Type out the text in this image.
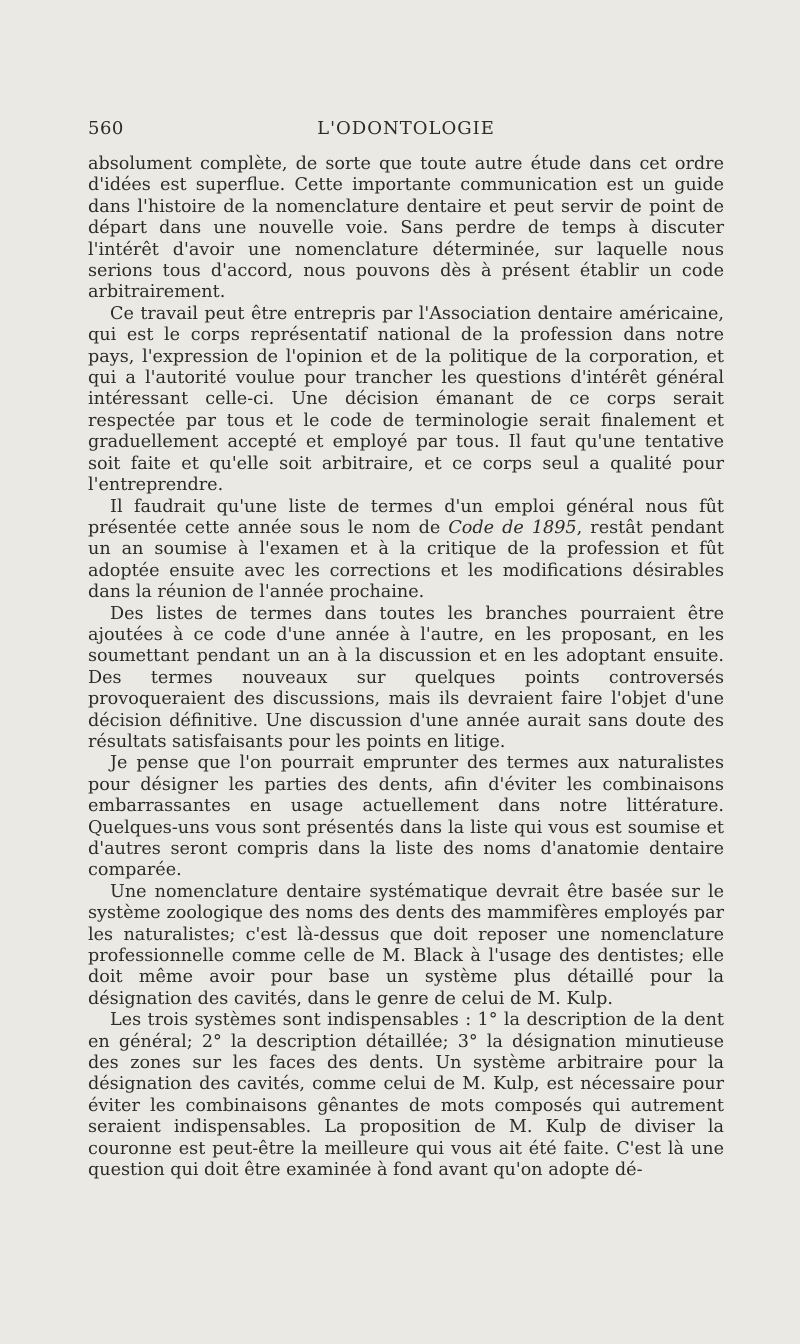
560	L'ODONTOLOGIE

absolument complète, de sorte que toute autre étude dans cet ordre d'idées est superflue. Cette importante communication est un guide dans l'histoire de la nomenclature dentaire et peut servir de point de départ dans une nouvelle voie. Sans perdre de temps à discuter l'intérêt d'avoir une nomenclature déterminée, sur laquelle nous serions tous d'accord, nous pouvons dès à présent établir un code arbitrairement.

Ce travail peut être entrepris par l'Association dentaire américaine, qui est le corps représentatif national de la profession dans notre pays, l'expression de l'opinion et de la politique de la corporation, et qui a l'autorité voulue pour trancher les questions d'intérêt général intéressant celle-ci. Une décision émanant de ce corps serait respectée par tous et le code de terminologie serait finalement et graduellement accepté et employé par tous. Il faut qu'une tentative soit faite et qu'elle soit arbitraire, et ce corps seul a qualité pour l'entreprendre.

Il faudrait qu'une liste de termes d'un emploi général nous fût présentée cette année sous le nom de Code de 1895, restât pendant un an soumise à l'examen et à la critique de la profession et fût adoptée ensuite avec les corrections et les modifications désirables dans la réunion de l'année prochaine.

Des listes de termes dans toutes les branches pourraient être ajoutées à ce code d'une année à l'autre, en les proposant, en les soumettant pendant un an à la discussion et en les adoptant ensuite. Des termes nouveaux sur quelques points controversés provoqueraient des discussions, mais ils devraient faire l'objet d'une décision définitive. Une discussion d'une année aurait sans doute des résultats satisfaisants pour les points en litige.

Je pense que l'on pourrait emprunter des termes aux naturalistes pour désigner les parties des dents, afin d'éviter les combinaisons embarrassantes en usage actuellement dans notre littérature. Quelques-uns vous sont présentés dans la liste qui vous est soumise et d'autres seront compris dans la liste des noms d'anatomie dentaire comparée.

Une nomenclature dentaire systématique devrait être basée sur le système zoologique des noms des dents des mammifères employés par les naturalistes; c'est là-dessus que doit reposer une nomenclature professionnelle comme celle de M. Black à l'usage des dentistes; elle doit même avoir pour base un système plus détaillé pour la désignation des cavités, dans le genre de celui de M. Kulp.

Les trois systèmes sont indispensables : 1° la description de la dent en général; 2° la description détaillée; 3° la désignation minutieuse des zones sur les faces des dents. Un système arbitraire pour la désignation des cavités, comme celui de M. Kulp, est nécessaire pour éviter les combinaisons gênantes de mots composés qui autrement seraient indispensables. La proposition de M. Kulp de diviser la couronne est peut-être la meilleure qui vous ait été faite. C'est là une question qui doit être examinée à fond avant qu'on adopte dé-
